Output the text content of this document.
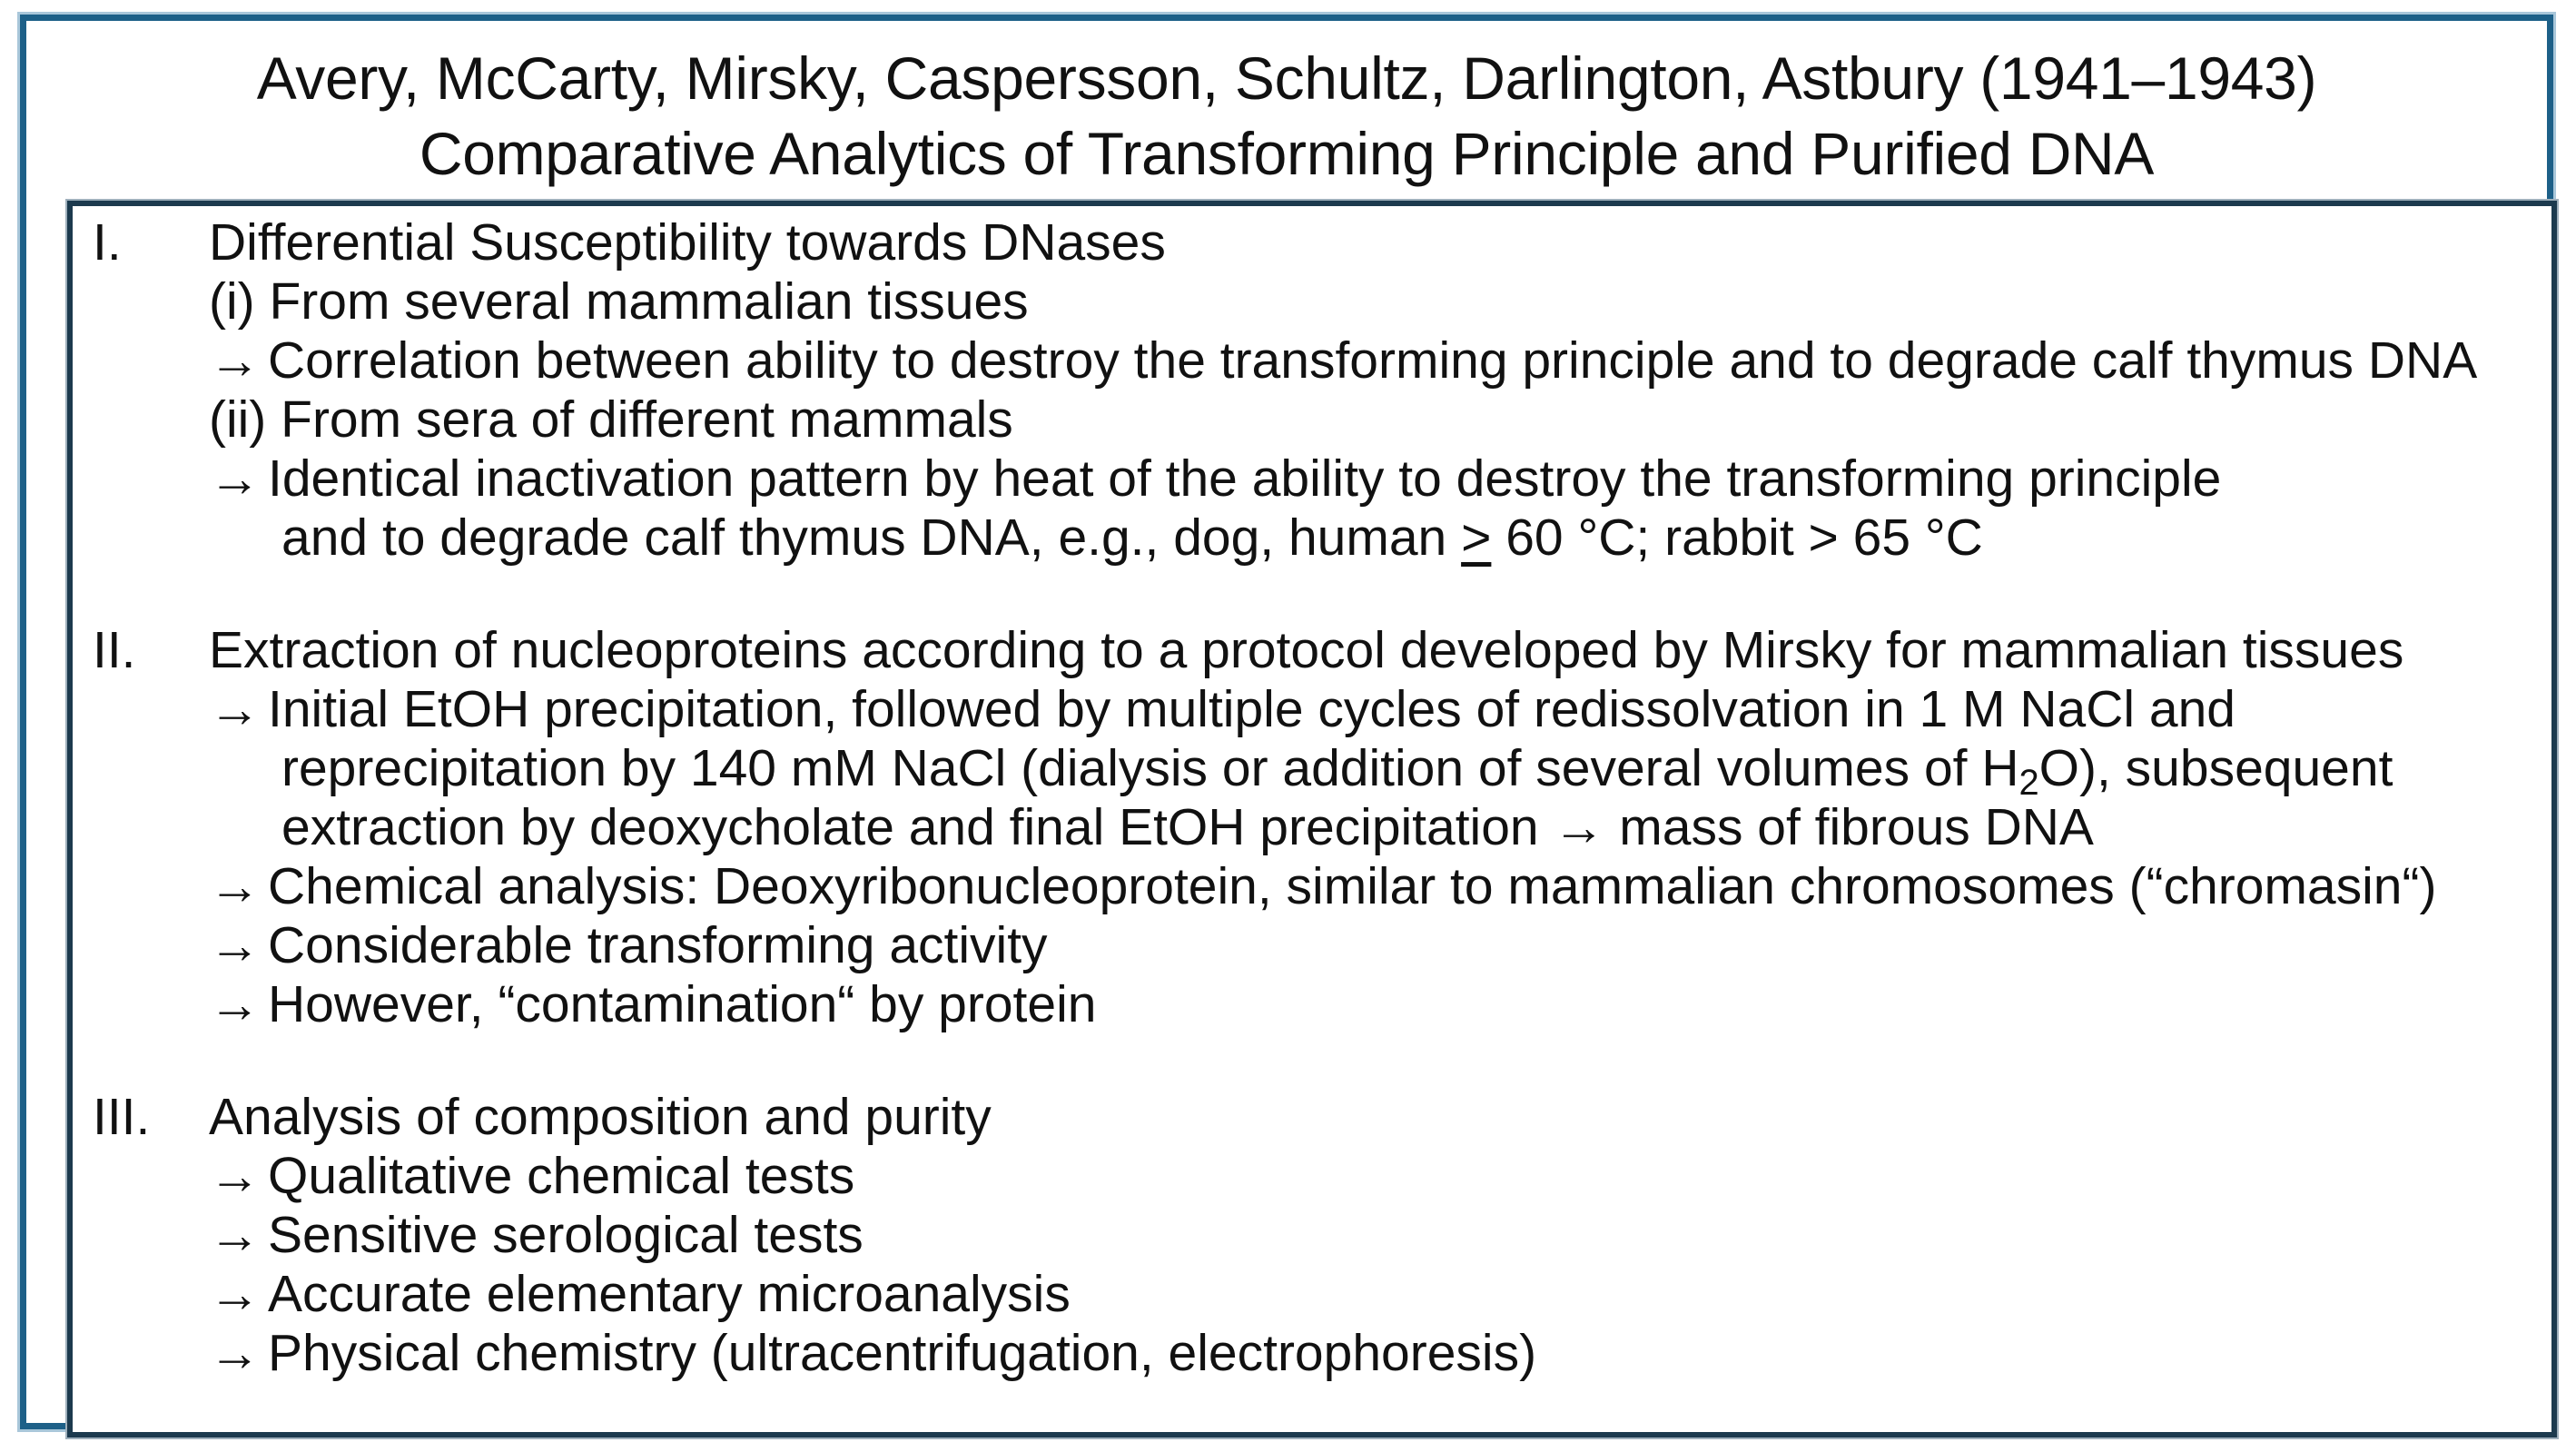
Avery, McCarty, Mirsky, Caspersson, Schultz, Darlington, Astbury (1941–1943)
Comparative Analytics of Transforming Principle and Purified DNA
I. Differential Susceptibility towards DNases
(i) From several mammalian tissues
→ Correlation between ability to destroy the transforming principle and to degrade calf thymus DNA
(ii) From sera of different mammals
→ Identical inactivation pattern by heat of the ability to destroy the transforming principle
and to degrade calf thymus DNA, e.g., dog, human ≥ 60 °C; rabbit > 65 °C
II. Extraction of nucleoproteins according to a protocol developed by Mirsky for mammalian tissues
→ Initial EtOH precipitation, followed by multiple cycles of redissolvation in 1 M NaCl and
reprecipitation by 140 mM NaCl (dialysis or addition of several volumes of $H_2O$), subsequent
extraction by deoxycholate and final EtOH precipitation → mass of fibrous DNA
→ Chemical analysis: Deoxyribonucleoprotein, similar to mammalian chromosomes (“chromasin“)
→ Considerable transforming activity
→ However, “contamination“ by protein
III. Analysis of composition and purity
→ Qualitative chemical tests
→ Sensitive serological tests
→ Accurate elementary microanalysis
→ Physical chemistry (ultracentrifugation, electrophoresis)
